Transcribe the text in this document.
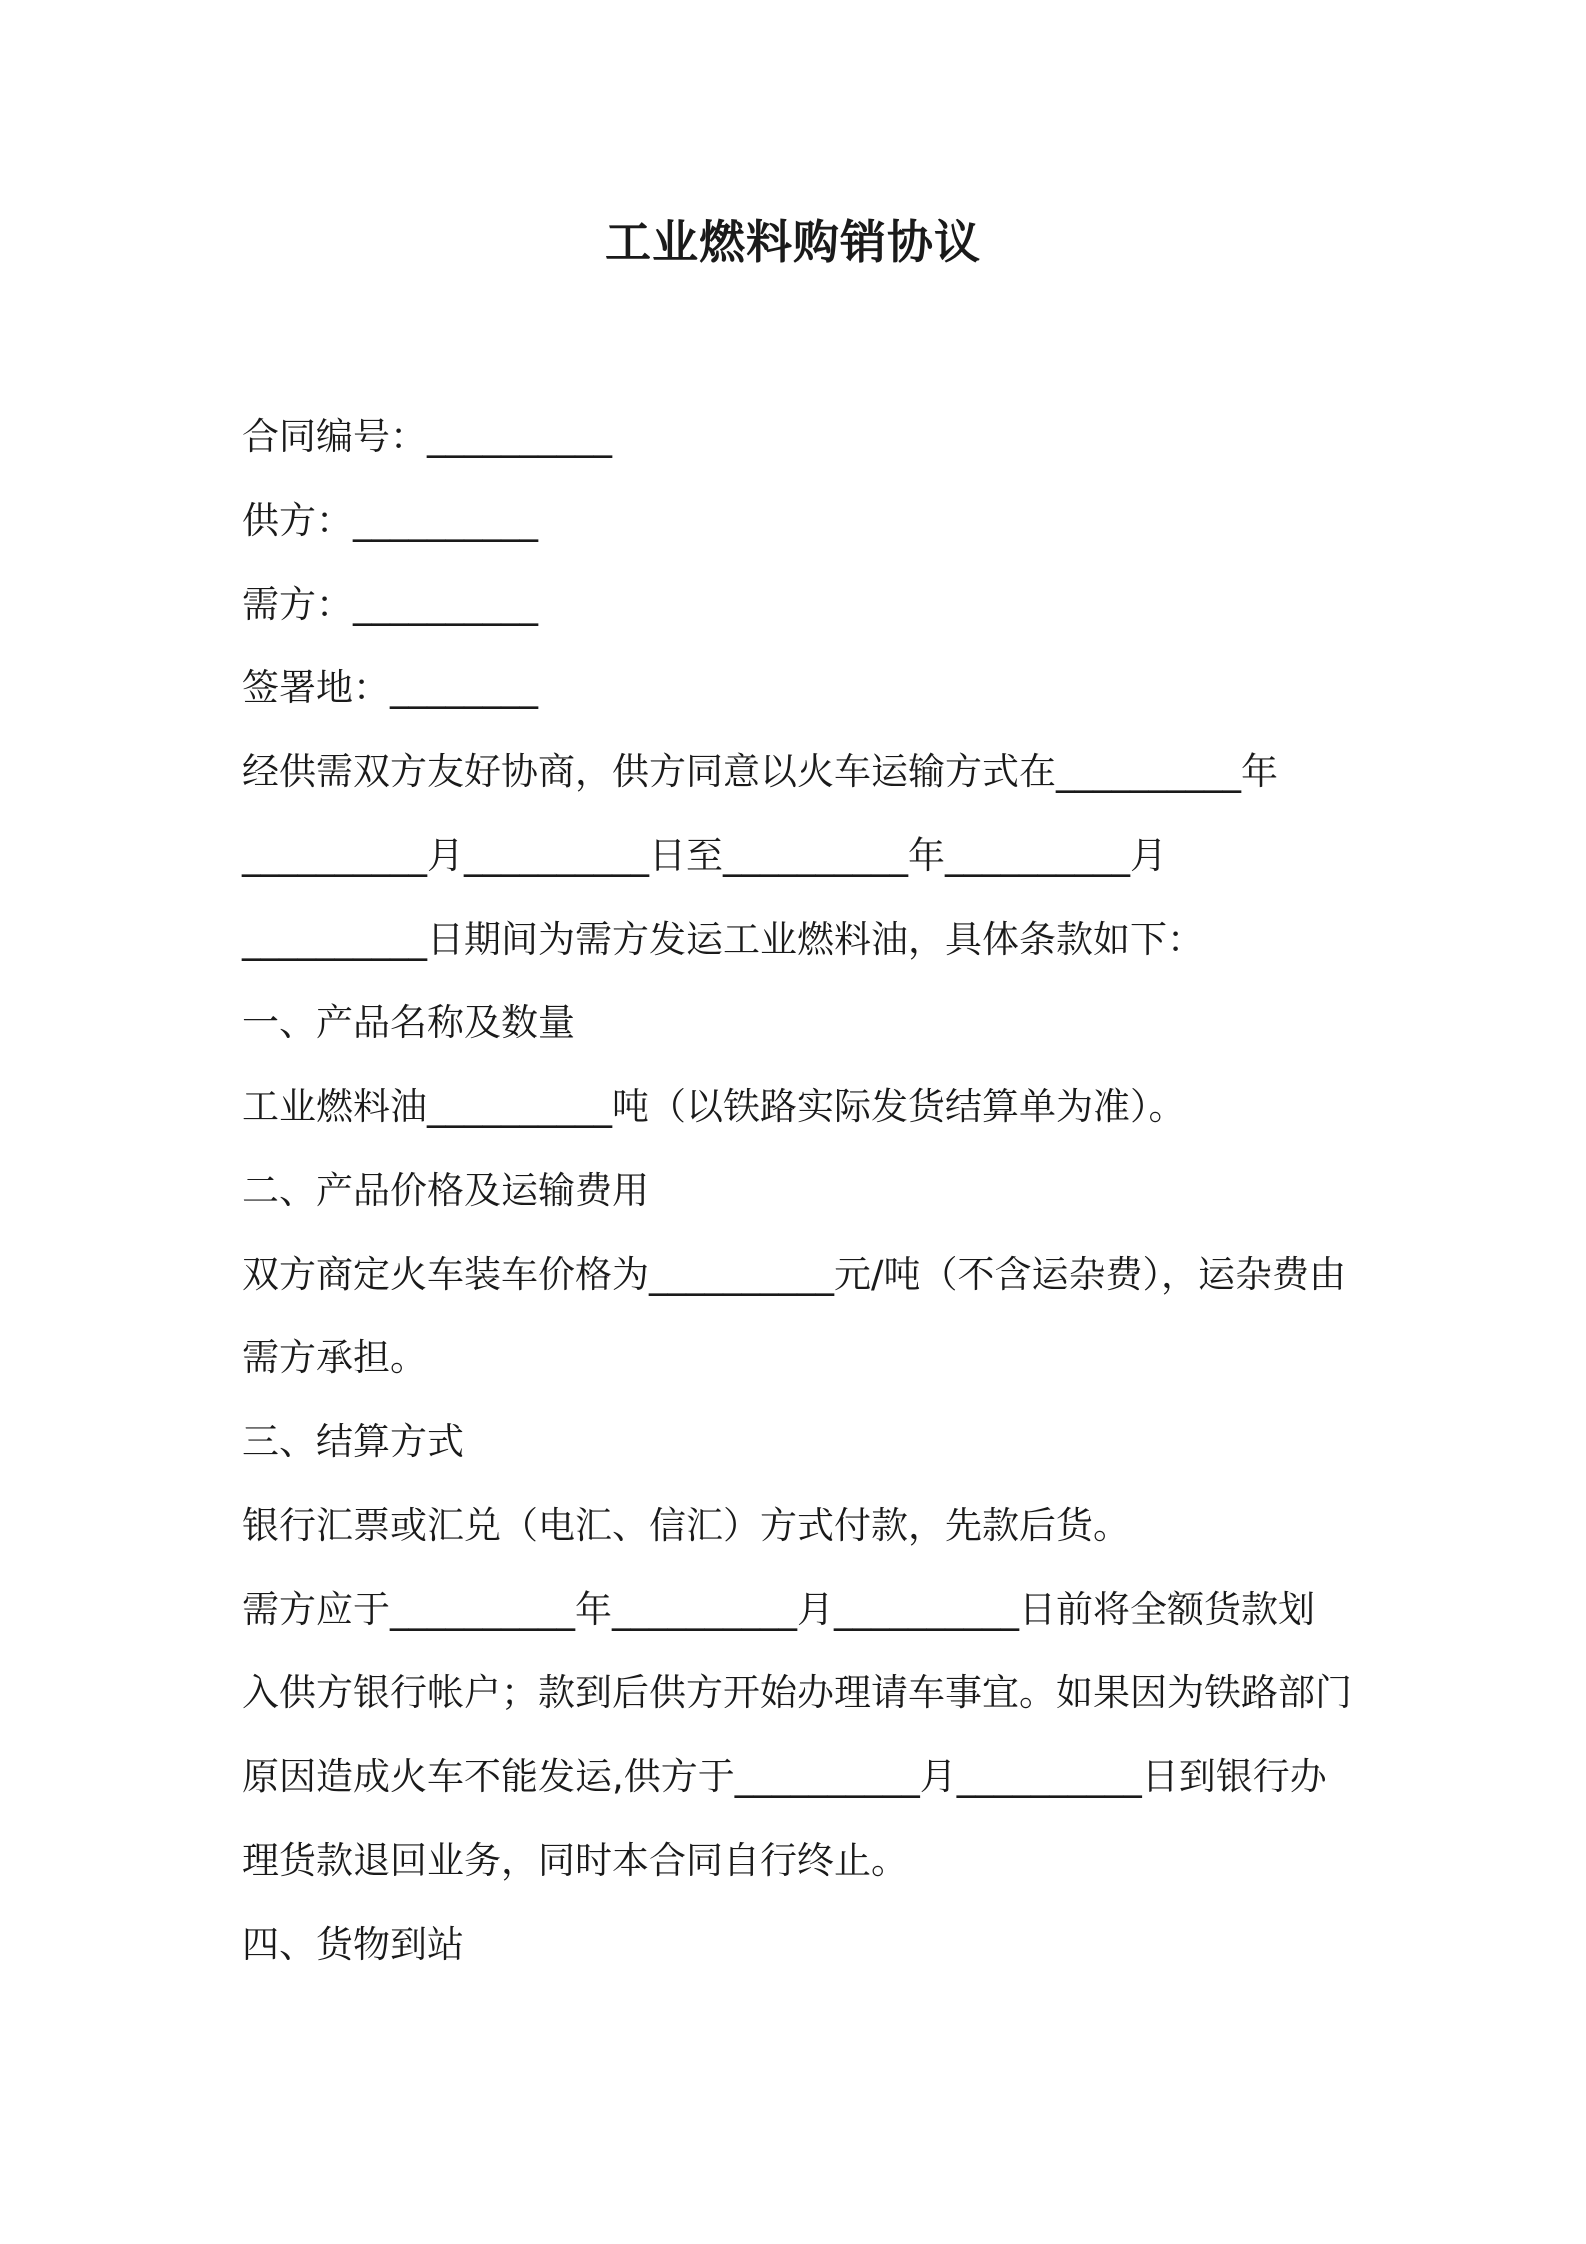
工业燃料购销协议
合同编号：__________
供方：__________
需方：__________
签署地：________
经供需双方友好协商，供方同意以火车运输方式在__________年
__________月__________日至__________年__________月
__________日期间为需方发运工业燃料油，具体条款如下：
一、产品名称及数量
工业燃料油__________吨（以铁路实际发货结算单为准）。
二、产品价格及运输费用
双方商定火车装车价格为__________元/吨（不含运杂费），运杂费由
需方承担。
三、结算方式
银行汇票或汇兑（电汇、信汇）方式付款，先款后货。
需方应于__________年__________月__________日前将全额货款划
入供方银行帐户；款到后供方开始办理请车事宜。如果因为铁路部门
原因造成火车不能发运,供方于__________月__________日到银行办
理货款退回业务，同时本合同自行终止。
四、货物到站
